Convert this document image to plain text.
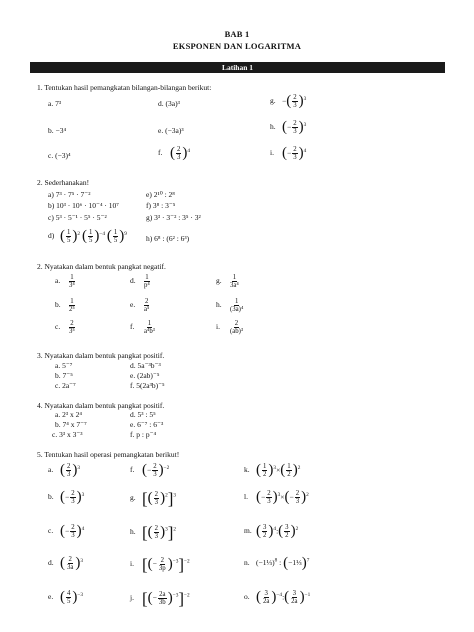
BAB 1
EKSPONEN DAN LOGARITMA
Latihan 1
1. Tentukan hasil pemangkatan bilangan-bilangan berikut:
a. 7³
b. −3⁴
c. (−3)⁴
d. (3a)³
e. (−3a)³
f. ( $\frac{2}{3} )^4$
g. −( $\frac{2}{3} )^3$
h. (− $\frac{2}{3} )^3$
i. (− $\frac{2}{3} )^4$
2. Sederhanakan!
a) 7³ · 7⁵ · 7⁻²
b) 10³ · 10⁶ · 10⁻⁴ · 10⁷
c) 5³ · 5⁻¹ · 5⁵ · 5⁻²
d) ( $\frac{1}{5} )^2$ ( $\frac{1}{5} )^{-4}$ ( $\frac{1}{5} )^9$
e) 2¹⁰ : 2⁸
f) 3⁸ : 3⁻⁵
g) 3³ · 3⁻² : 3⁵ · 3²
h) 6⁸ : (6² : 6³)
2. Nyatakan dalam bentuk pangkat negatif.
a. $\frac{1}{\text{3⁴}}$
b. $\frac{1}{\text{2⁵}}$
c. $\frac{2}{\text{3⁵}}$
d. $\frac{1}{\text{p⁴}}$
e. $\frac{2}{\text{a⁵}}$
f. $\frac{1}{\text{a⁴b³}}$
g. $\frac{1}{\text{3a⁴}}$
h. $\frac{1}{\text{(3a)⁴}}$
i. $\frac{2}{\text{(ab)³}}$
3. Nyatakan dalam bentuk pangkat positif.
a. 5⁻⁷
b. 7⁻⁵
c. 2a⁻⁷
d. 5a⁻³b⁻³
e. (2ab)⁻⁵
f. 5(2a³b)⁻⁵
4. Nyatakan dalam bentuk pangkat positif.
a. 2³ x 2⁴
b. 7⁴ x 7⁻⁷
c. 3³ x 3⁻³
d. 5³ : 5⁵
e. 6⁻⁷ : 6⁻³
f. p : p⁻⁴
5. Tentukan hasil operasi pemangkatan berikut!
a. ( $\frac{2}{3} )^3$
b. (− $\frac{2}{3} )^3$
c. (− $\frac{2}{3} )^4$
d. ( $\frac{2}{3a} )^3$
e. ( $\frac{4}{5} )^{-3}$
f. (− $\frac{2}{3} )^{-2}$
g. [( $\frac{2}{3} )^2]^3$
h. [( $\frac{2}{3} )^3]^2$
i. [(− $\frac{2}{3p} )^{-3}]^{-2}$
j. [(− $\frac{2a}{3b} )^{-3}]^{-2}$
k. ( $\frac{1}{2} )^3\times( \frac{1}{2} )^2$
l. (− $\frac{2}{3} )^3\times(- \frac{2}{3} )^2$
m. ( $\frac{3}{2}$ )$^4$:( $\frac{3}{2} )^2$
n. (−1⅓)$^8$ : (−1⅓)$^7$
o. ( $\frac{3}{2a}$ )$^{-4}$:( $\frac{3}{2a} )^{-1}$
